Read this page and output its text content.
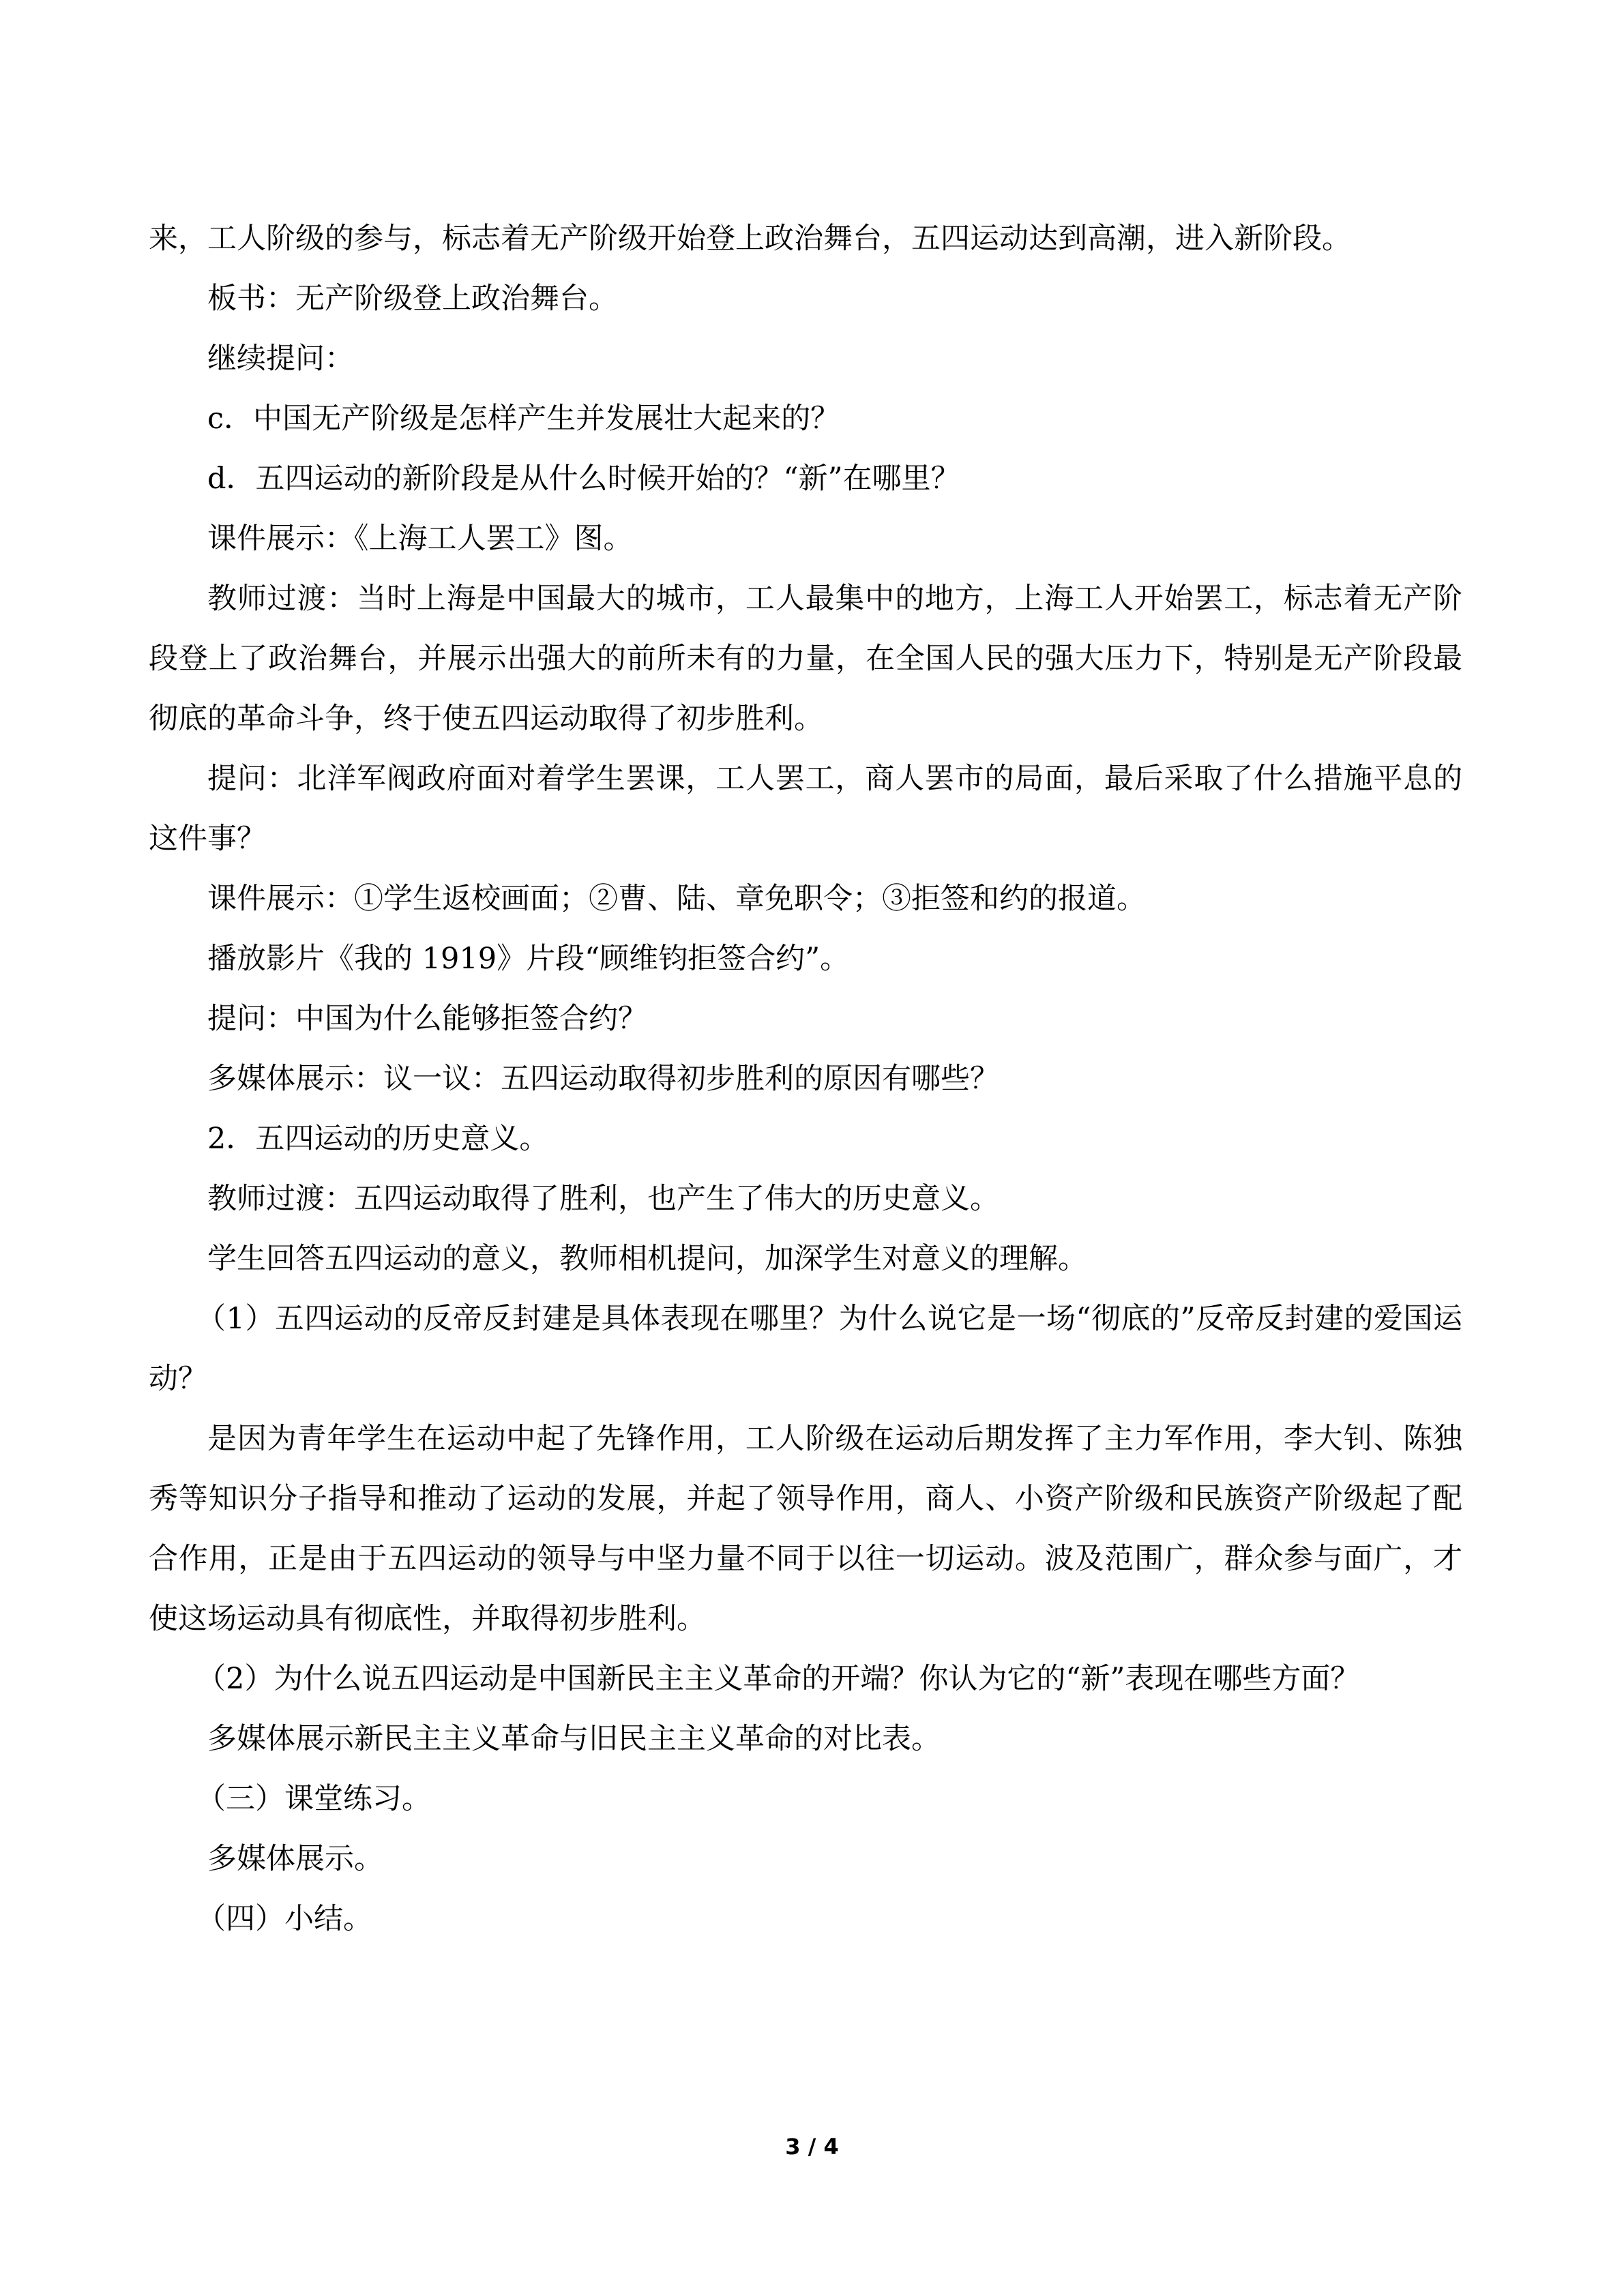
来，工人阶级的参与，标志着无产阶级开始登上政治舞台，五四运动达到高潮，进入新阶段。

板书：无产阶级登上政治舞台。

继续提问：

c．中国无产阶级是怎样产生并发展壮大起来的？

d．五四运动的新阶段是从什么时候开始的？“新”在哪里？

课件展示：《上海工人罢工》图。

教师过渡：当时上海是中国最大的城市，工人最集中的地方，上海工人开始罢工，标志着无产阶段登上了政治舞台，并展示出强大的前所未有的力量，在全国人民的强大压力下，特别是无产阶段最彻底的革命斗争，终于使五四运动取得了初步胜利。

提问：北洋军阀政府面对着学生罢课，工人罢工，商人罢市的局面，最后采取了什么措施平息的这件事？

课件展示：①学生返校画面；②曹、陆、章免职令；③拒签和约的报道。

播放影片《我的 1919》片段“顾维钧拒签合约”。

提问：中国为什么能够拒签合约？

多媒体展示：议一议：五四运动取得初步胜利的原因有哪些？

2．五四运动的历史意义。

教师过渡：五四运动取得了胜利，也产生了伟大的历史意义。

学生回答五四运动的意义，教师相机提问，加深学生对意义的理解。

（1）五四运动的反帝反封建是具体表现在哪里？为什么说它是一场“彻底的”反帝反封建的爱国运动？

是因为青年学生在运动中起了先锋作用，工人阶级在运动后期发挥了主力军作用，李大钊、陈独秀等知识分子指导和推动了运动的发展，并起了领导作用，商人、小资产阶级和民族资产阶级起了配合作用，正是由于五四运动的领导与中坚力量不同于以往一切运动。波及范围广，群众参与面广，才使这场运动具有彻底性，并取得初步胜利。

（2）为什么说五四运动是中国新民主主义革命的开端？你认为它的“新”表现在哪些方面？

多媒体展示新民主主义革命与旧民主主义革命的对比表。

（三）课堂练习。

多媒体展示。

（四）小结。

3 / 4
